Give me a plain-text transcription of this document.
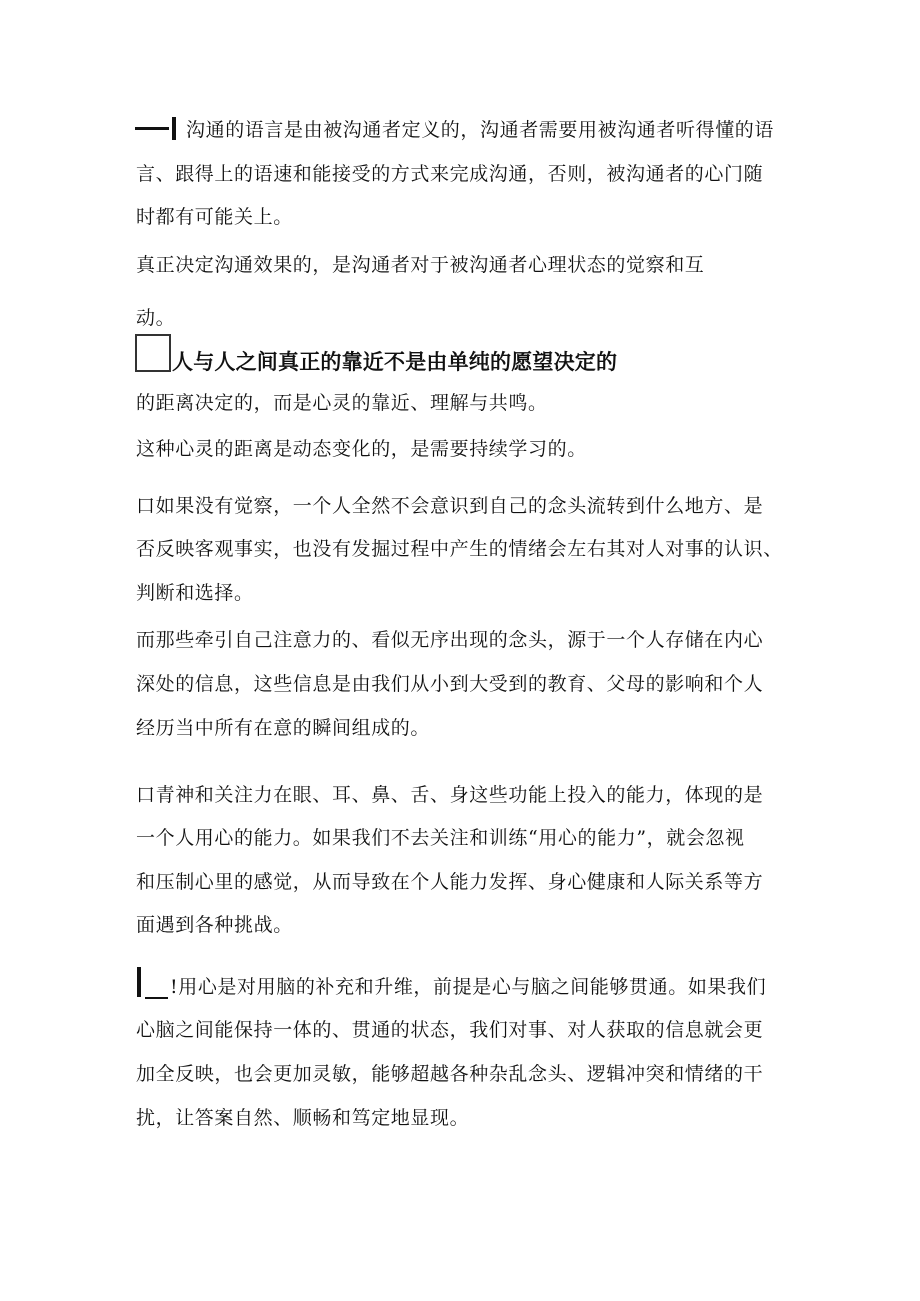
沟通的语言是由被沟通者定义的，沟通者需要用被沟通者听得懂的语
言、跟得上的语速和能接受的方式来完成沟通，否则，被沟通者的心门随
时都有可能关上。
真正决定沟通效果的，是沟通者对于被沟通者心理状态的觉察和互
动。
人与人之间真正的靠近不是由单纯的愿望决定的
的距离决定的，而是心灵的靠近、理解与共鸣。
这种心灵的距离是动态变化的，是需要持续学习的。
口如果没有觉察，一个人全然不会意识到自己的念头流转到什么地方、是
否反映客观事实，也没有发掘过程中产生的情绪会左右其对人对事的认识、
判断和选择。
而那些牵引自己注意力的、看似无序出现的念头，源于一个人存储在内心
深处的信息，这些信息是由我们从小到大受到的教育、父母的影响和个人
经历当中所有在意的瞬间组成的。
口青神和关注力在眼、耳、鼻、舌、身这些功能上投入的能力，体现的是
一个人用心的能力。如果我们不去关注和训练“用心的能力”，就会忽视
和压制心里的感觉，从而导致在个人能力发挥、身心健康和人际关系等方
面遇到各种挑战。
!用心是对用脑的补充和升维，前提是心与脑之间能够贯通。如果我们
心脑之间能保持一体的、贯通的状态，我们对事、对人获取的信息就会更
加全反映，也会更加灵敏，能够超越各种杂乱念头、逻辑冲突和情绪的干
扰，让答案自然、顺畅和笃定地显现。
